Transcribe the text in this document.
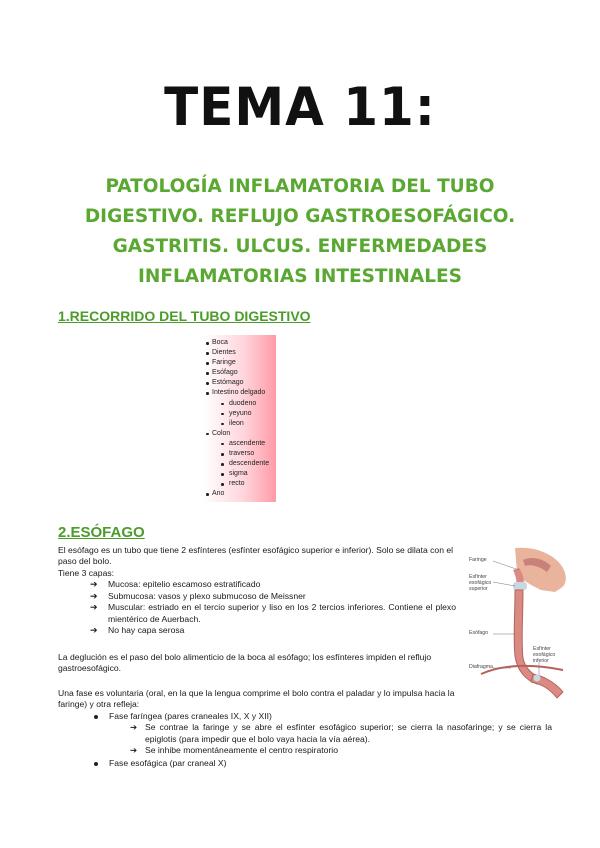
TEMA 11:
PATOLOGÍA INFLAMATORIA DEL TUBO
DIGESTIVO. REFLUJO GASTROESOFÁGICO.
GASTRITIS. ULCUS. ENFERMEDADES
INFLAMATORIAS INTESTINALES
1.RECORRIDO DEL TUBO DIGESTIVO
Boca
Dientes
Faringe
Esófago
Estómago
Intestino delgado
duodeno
yeyuno
ileon
Colon
ascendente
traverso
descendente
sigma
recto
Ano
2.ESÓFAGO
El esófago es un tubo que tiene 2 esfínteres (esfínter esofágico superior e inferior). Solo se dilata con el paso del bolo.
Tiene 3 capas:
➔ Mucosa: epitelio escamoso estratificado
➔ Submucosa: vasos y plexo submucoso de Meissner
➔ Muscular: estriado en el tercio superior y liso en los 2 tercios inferiores. Contiene el plexo mientérico de Auerbach.
➔ No hay capa serosa
La deglución es el paso del bolo alimenticio de la boca al esófago; los esfínteres impiden el reflujo gastroesofágico.
Una fase es voluntaria (oral, en la que la lengua comprime el bolo contra el paladar y lo impulsa hacia la faringe) y otra refleja:
Fase faríngea (pares craneales IX, X y XII)
➔ Se contrae la faringe y se abre el esfínter esofágico superior; se cierra la nasofaringe; y se cierra la epiglotis (para impedir que el bolo vaya hacia la vía aérea).
➔ Se inhibe momentáneamente el centro respiratorio
Fase esofágica (par craneal X)
Faringe
Esfínter esofágico superior
Esófago
Diafragma
Esfínter esofágico inferior
